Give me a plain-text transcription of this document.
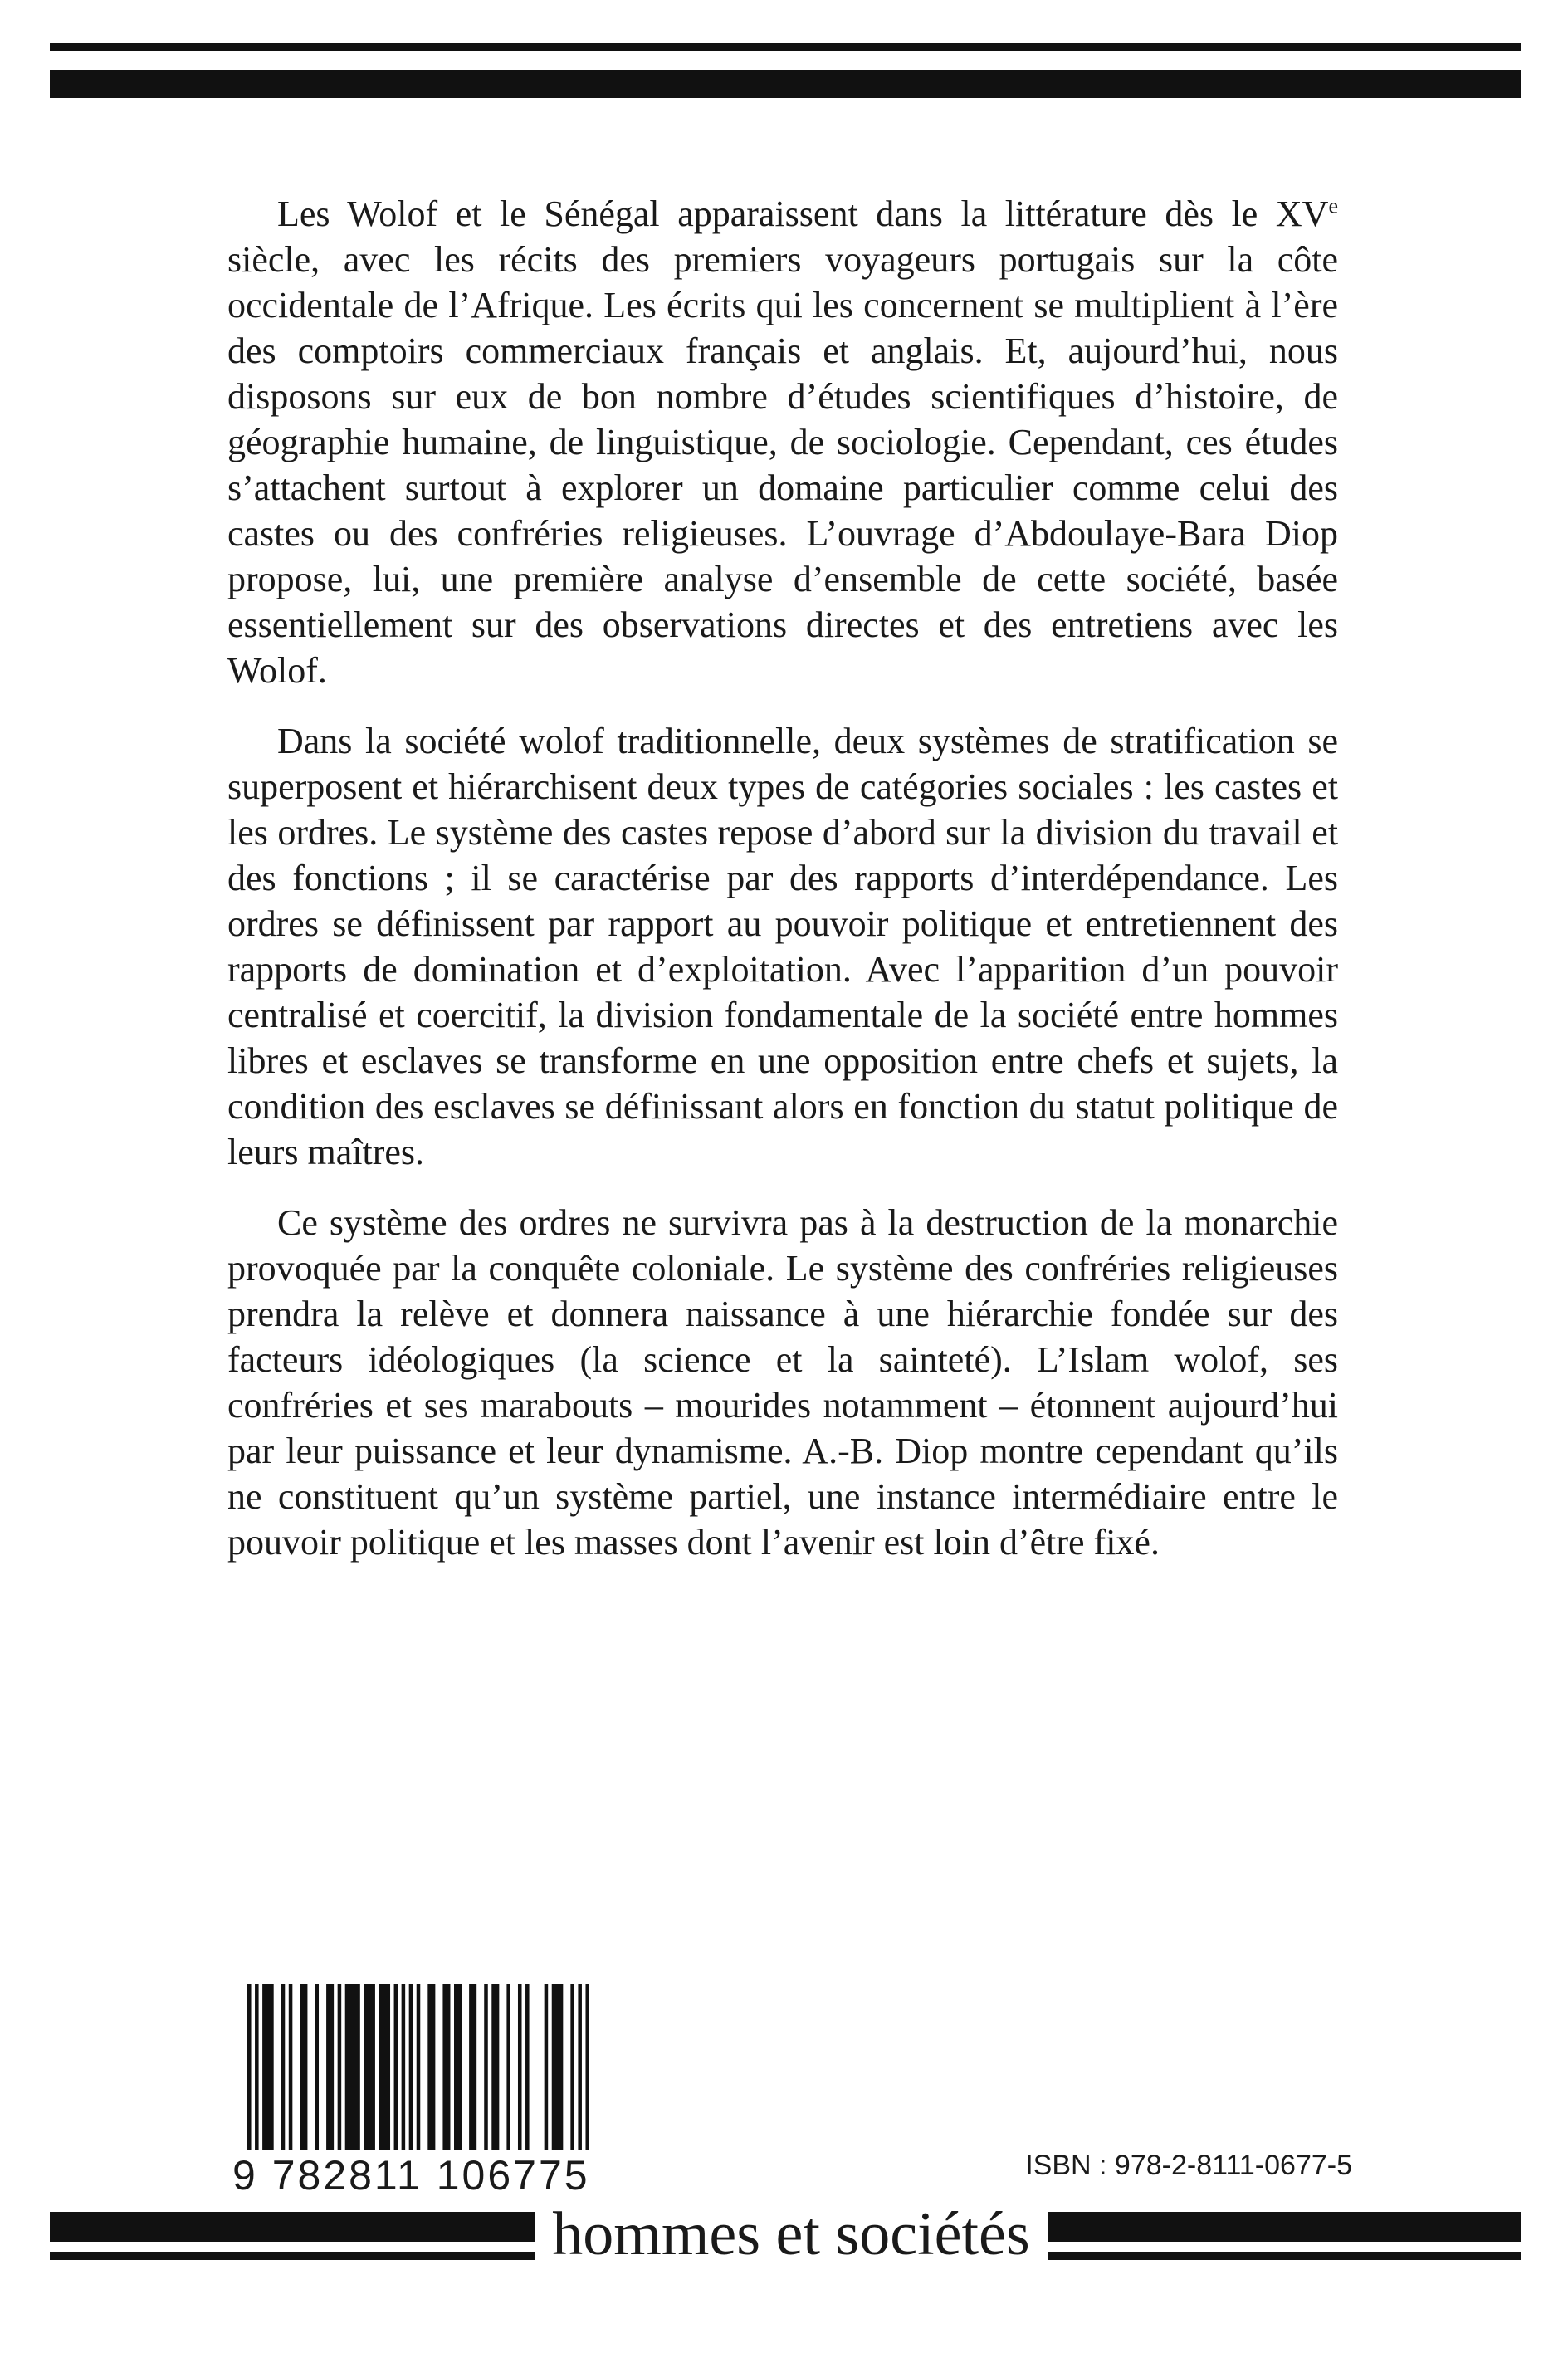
Les Wolof et le Sénégal apparaissent dans la littérature dès le XVe siècle, avec les récits des premiers voyageurs portugais sur la côte occidentale de l’Afrique. Les écrits qui les concernent se multiplient à l’ère des comptoirs commerciaux français et anglais. Et, aujourd’hui, nous disposons sur eux de bon nombre d’études scientifiques d’histoire, de géographie humaine, de linguistique, de sociologie. Cependant, ces études s’attachent surtout à explorer un domaine particulier comme celui des castes ou des confréries religieuses. L’ouvrage d’Abdoulaye-Bara Diop propose, lui, une première analyse d’ensemble de cette société, basée essentiellement sur des observations directes et des entretiens avec les Wolof.

Dans la société wolof traditionnelle, deux systèmes de stratification se superposent et hiérarchisent deux types de catégories sociales : les castes et les ordres. Le système des castes repose d’abord sur la division du travail et des fonctions ; il se caractérise par des rapports d’interdépendance. Les ordres se définissent par rapport au pouvoir politique et entretiennent des rapports de domination et d’exploitation. Avec l’apparition d’un pouvoir centralisé et coercitif, la division fondamentale de la société entre hommes libres et esclaves se transforme en une opposition entre chefs et sujets, la condition des esclaves se définissant alors en fonction du statut politique de leurs maîtres.

Ce système des ordres ne survivra pas à la destruction de la monarchie provoquée par la conquête coloniale. Le système des confréries religieuses prendra la relève et donnera naissance à une hiérarchie fondée sur des facteurs idéologiques (la science et la sainteté). L’Islam wolof, ses confréries et ses marabouts – mourides notamment – étonnent aujourd’hui par leur puissance et leur dynamisme. A.-B. Diop montre cependant qu’ils ne constituent qu’un système partiel, une instance intermédiaire entre le pouvoir politique et les masses dont l’avenir est loin d’être fixé.

9 782811 106775	ISBN : 978-2-8111-0677-5
hommes et sociétés
